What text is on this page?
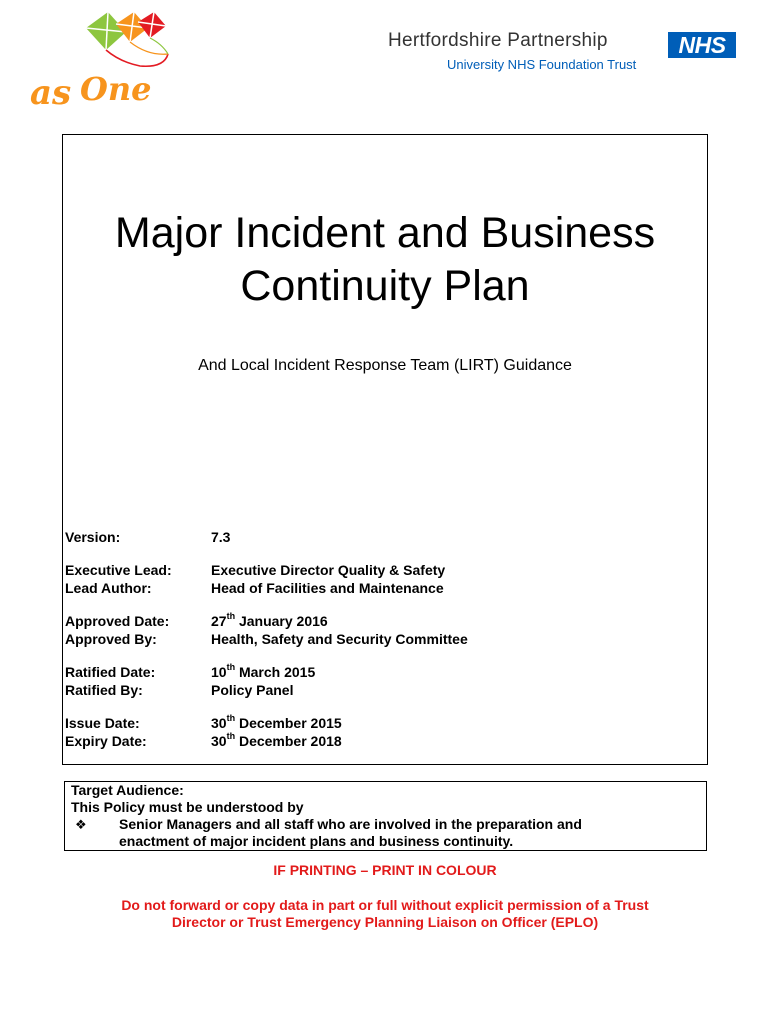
as One
Hertfordshire Partnership
University NHS Foundation Trust
NHS
Major Incident and Business
Continuity Plan
And Local Incident Response Team (LIRT) Guidance
Version:	7.3
Executive Lead:	Executive Director Quality & Safety
Lead Author:	Head of Facilities and Maintenance
Approved Date:	27th January 2016
Approved By:	Health, Safety and Security Committee
Ratified Date:	10th March 2015
Ratified By:	Policy Panel
Issue Date:	30th December 2015
Expiry Date:	30th December 2018
Target Audience:
This Policy must be understood by
❖ Senior Managers and all staff who are involved in the preparation and
enactment of major incident plans and business continuity.
IF PRINTING – PRINT IN COLOUR
Do not forward or copy data in part or full without explicit permission of a Trust
Director or Trust Emergency Planning Liaison on Officer (EPLO)
